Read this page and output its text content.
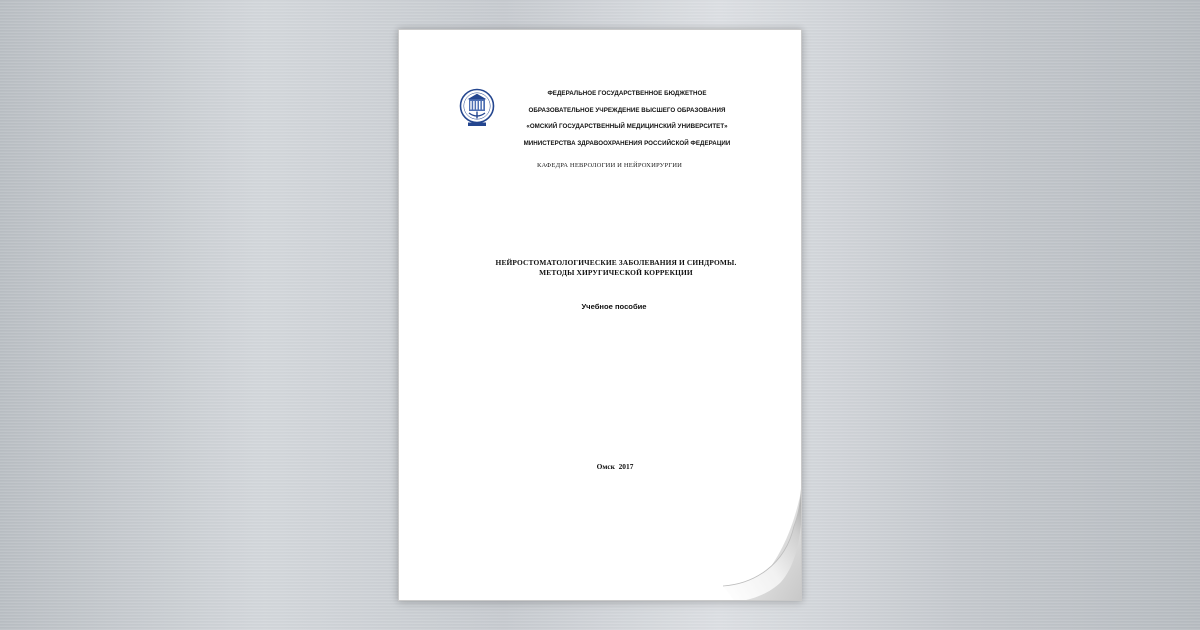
ФЕДЕРАЛЬНОЕ ГОСУДАРСТВЕННОЕ БЮДЖЕТНОЕ
ОБРАЗОВАТЕЛЬНОЕ УЧРЕЖДЕНИЕ ВЫСШЕГО ОБРАЗОВАНИЯ
«ОМСКИЙ ГОСУДАРСТВЕННЫЙ МЕДИЦИНСКИЙ УНИВЕРСИТЕТ»
МИНИСТЕРСТВА ЗДРАВООХРАНЕНИЯ РОССИЙСКОЙ ФЕДЕРАЦИИ
КАФЕДРА НЕВРОЛОГИИ И НЕЙРОХИРУРГИИ
НЕЙРОСТОМАТОЛОГИЧЕСКИЕ ЗАБОЛЕВАНИЯ И СИНДРОМЫ.
МЕТОДЫ ХИРУГИЧЕСКОЙ КОРРЕКЦИИ
Учебное пособие
Омск  2017
